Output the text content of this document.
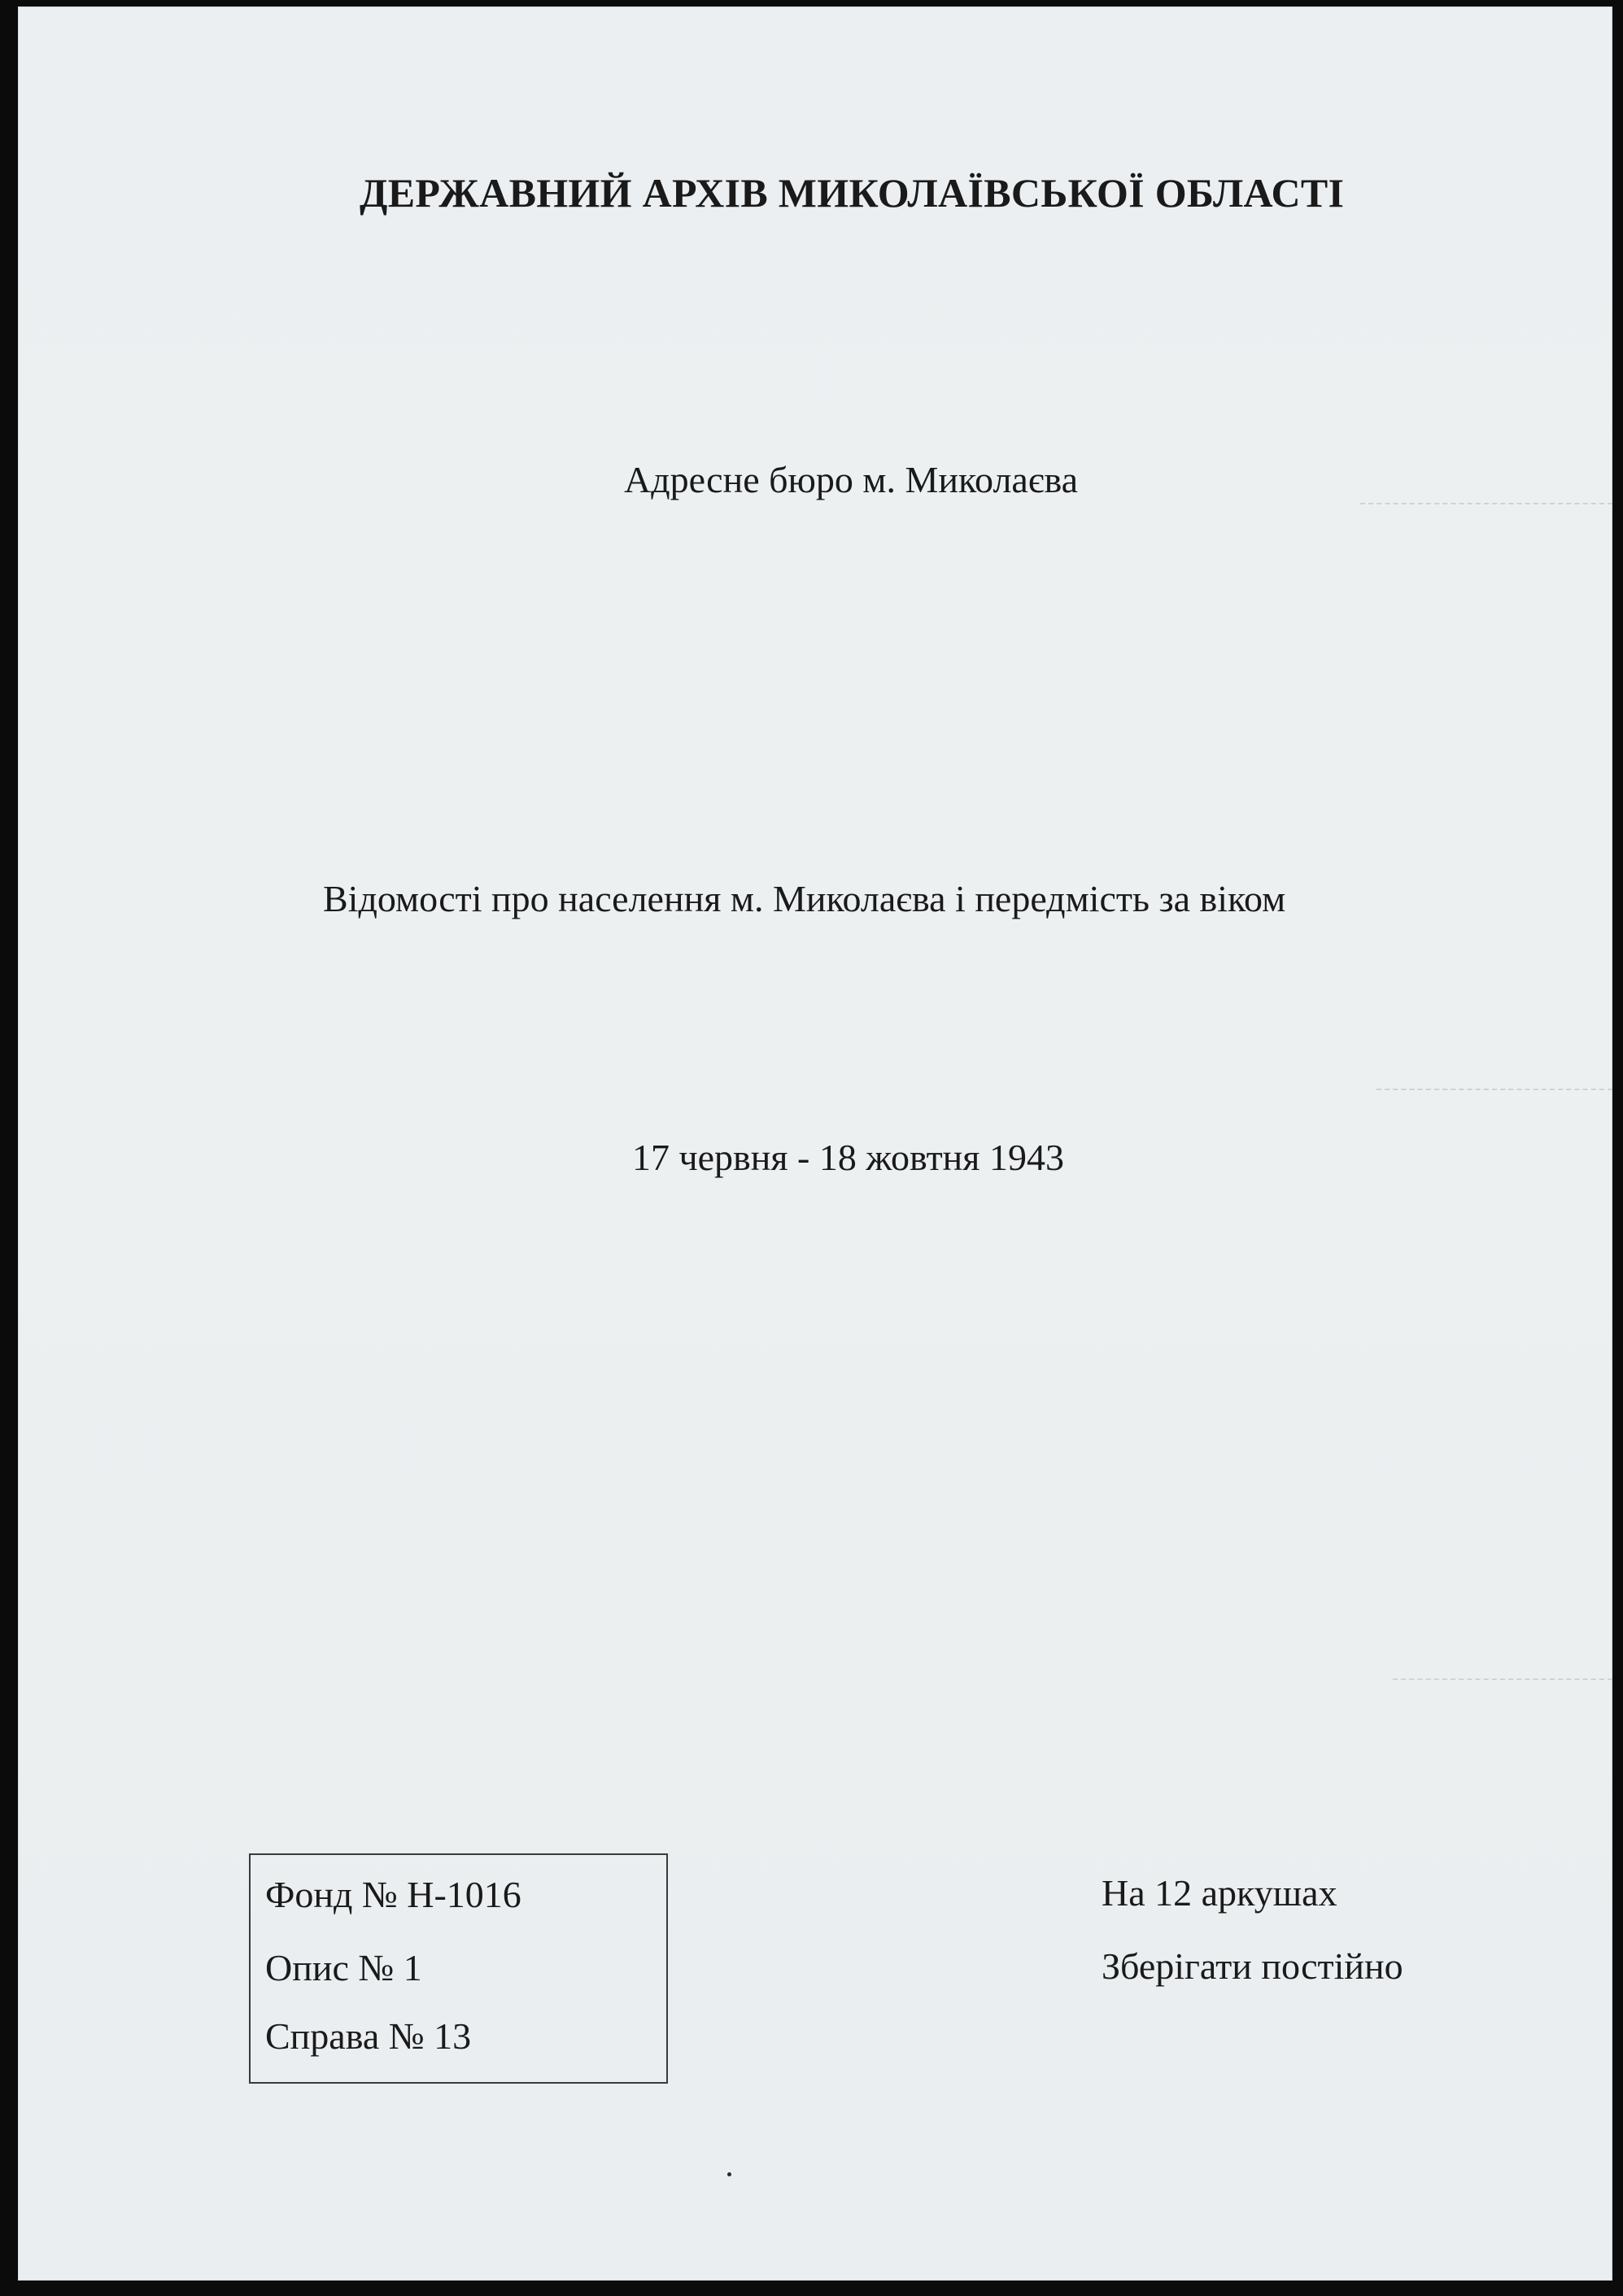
ДЕРЖАВНИЙ АРХІВ МИКОЛАЇВСЬКОЇ ОБЛАСТІ
Адресне бюро м. Миколаєва
Відомості про населення м. Миколаєва і передмість за віком
17 червня - 18 жовтня 1943
Фонд № Н-1016
Опис № 1
Справа № 13
На 12 аркушах
Зберігати постійно
